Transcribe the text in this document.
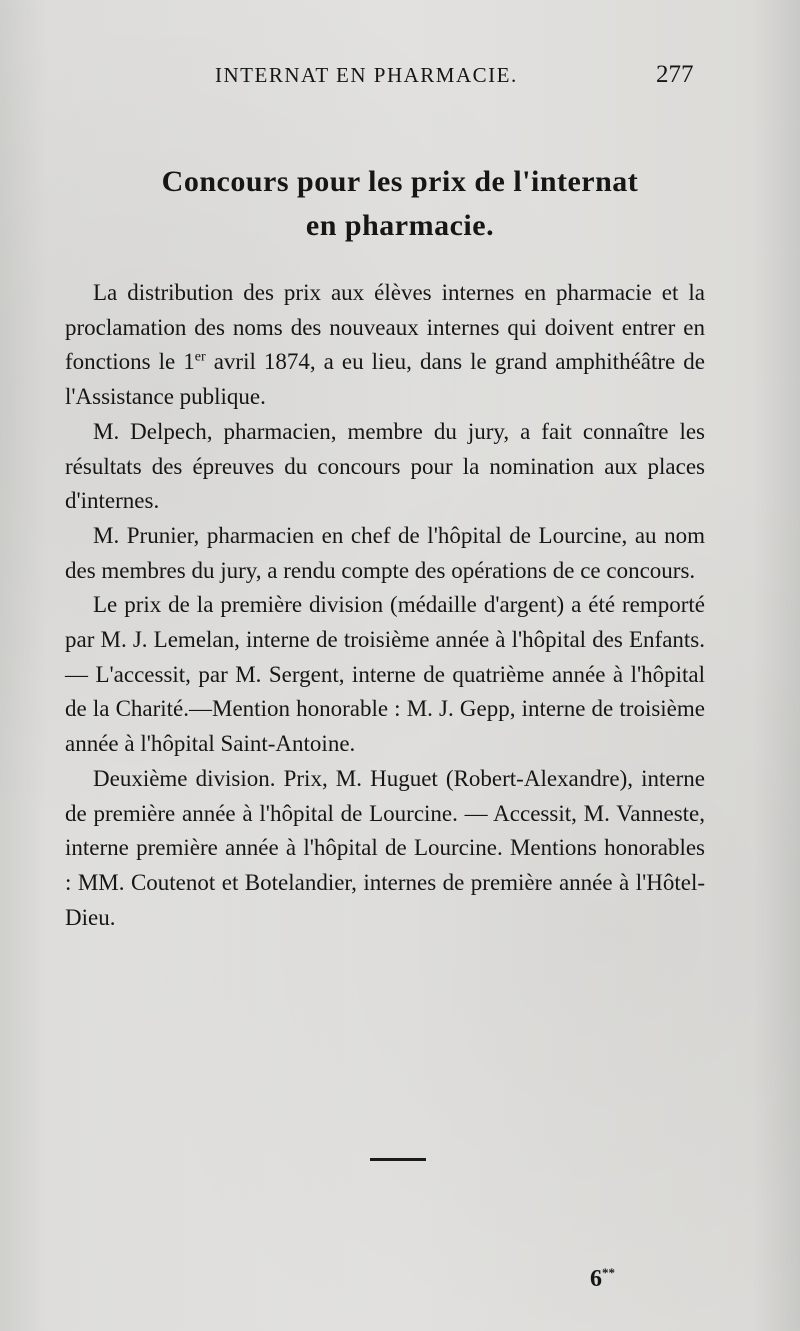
INTERNAT EN PHARMACIE.	277
Concours pour les prix de l'internat
en pharmacie.

La distribution des prix aux élèves internes en pharmacie et la proclamation des noms des nouveaux internes qui doivent entrer en fonctions le 1er avril 1874, a eu lieu, dans le grand amphithéâtre de l'Assistance publique.

M. Delpech, pharmacien, membre du jury, a fait connaître les résultats des épreuves du concours pour la nomination aux places d'internes.

M. Prunier, pharmacien en chef de l'hôpital de Lourcine, au nom des membres du jury, a rendu compte des opérations de ce concours.

Le prix de la première division (médaille d'argent) a été remporté par M. J. Lemelan, interne de troisième année à l'hôpital des Enfants. — L'accessit, par M. Sergent, interne de quatrième année à l'hôpital de la Charité.—Mention honorable : M. J. Gepp, interne de troisième année à l'hôpital Saint-Antoine.

Deuxième division. Prix, M. Huguet (Robert-Alexandre), interne de première année à l'hôpital de Lourcine. — Accessit, M. Vanneste, interne première année à l'hôpital de Lourcine. Mentions honorables : MM. Coutenot et Botelandier, internes de première année à l'Hôtel-Dieu.

6**
